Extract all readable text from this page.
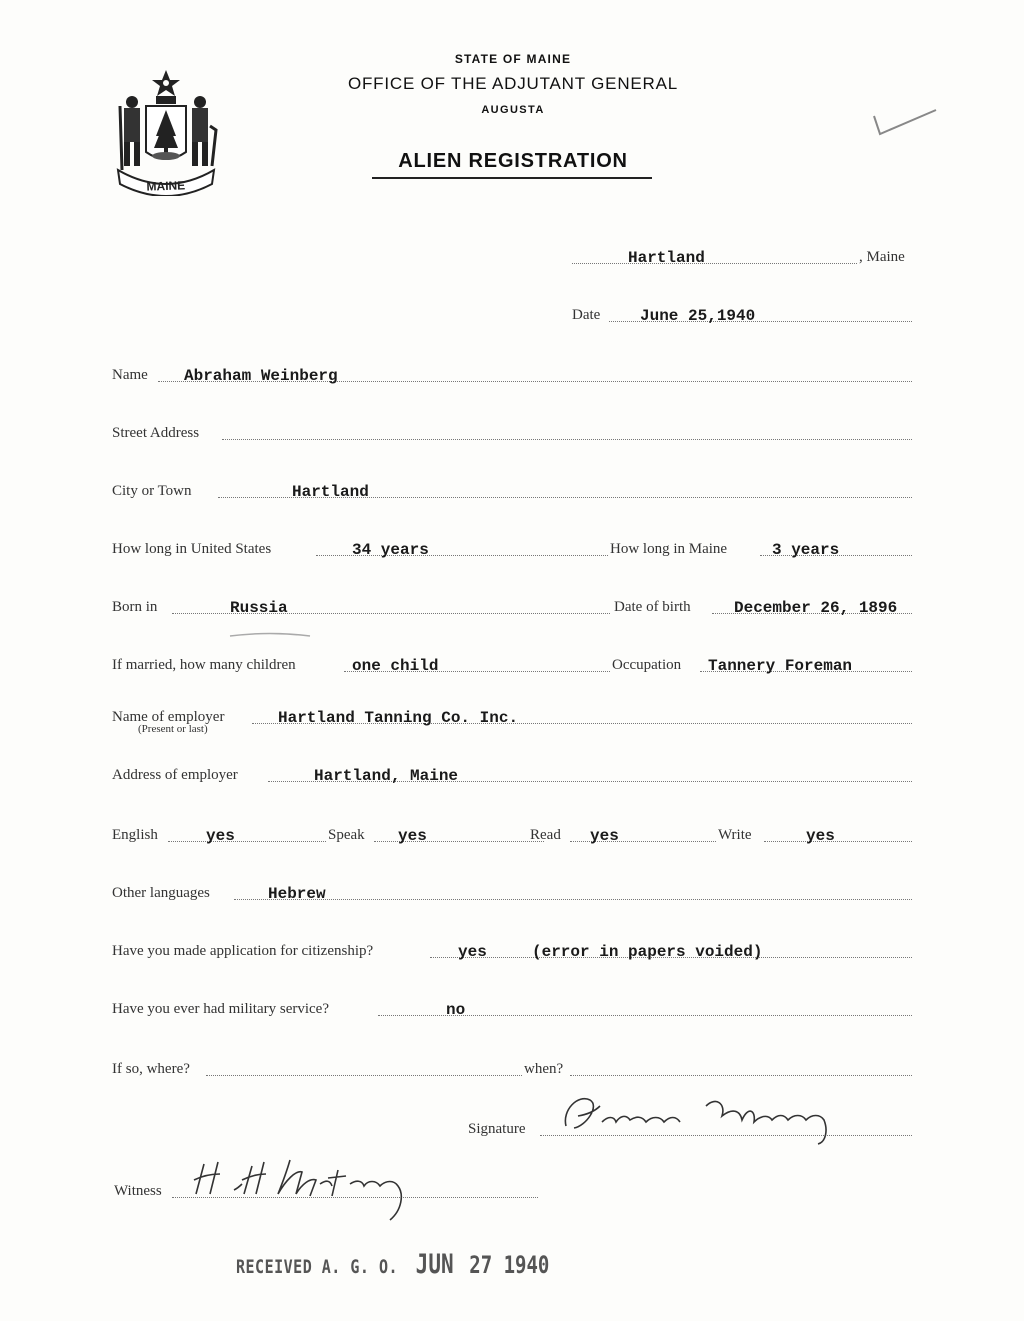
MAINE
STATE OF MAINE
OFFICE OF THE ADJUTANT GENERAL
AUGUSTA
ALIEN REGISTRATION
Hartland	, Maine
Date June 25,1940
Name Abraham Weinberg
Street Address
City or Town	Hartland
How long in United States	34 years	How long in Maine	3 years
Born in	Russia	Date of birth	December 26, 1896
If married, how many children	one child	Occupation Tannery Foreman
Name of employer	Hartland Tanning Co. Inc.
(Present or last)
Address of employer	Hartland, Maine
English	yes	Speak yes	Read yes	Write	yes
Other languages	Hebrew
Have you made application for citizenship?	yes	(error in papers voided)
Have you ever had military service?	no
If so, where?	when?
Signature
Witness
RECEIVED A. G. O. JUN 27 1940
